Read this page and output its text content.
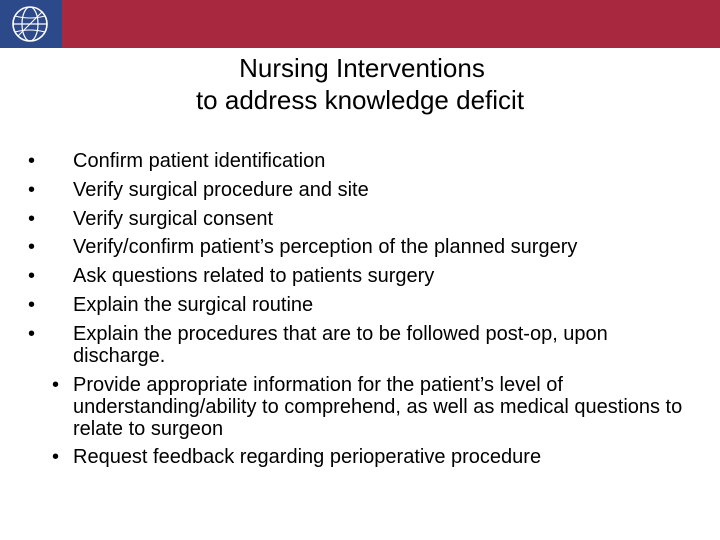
Nursing Interventions
to address knowledge deficit
• Confirm patient identification
• Verify surgical procedure and site
• Verify surgical consent
• Verify/confirm patient’s perception of the planned surgery
• Ask questions related to patients surgery
• Explain the surgical routine
• Explain the procedures that are to be followed post-op, upon discharge.
• Provide appropriate information for the patient’s level of understanding/ability to comprehend, as well as medical questions to relate to surgeon
• Request feedback regarding perioperative procedure
